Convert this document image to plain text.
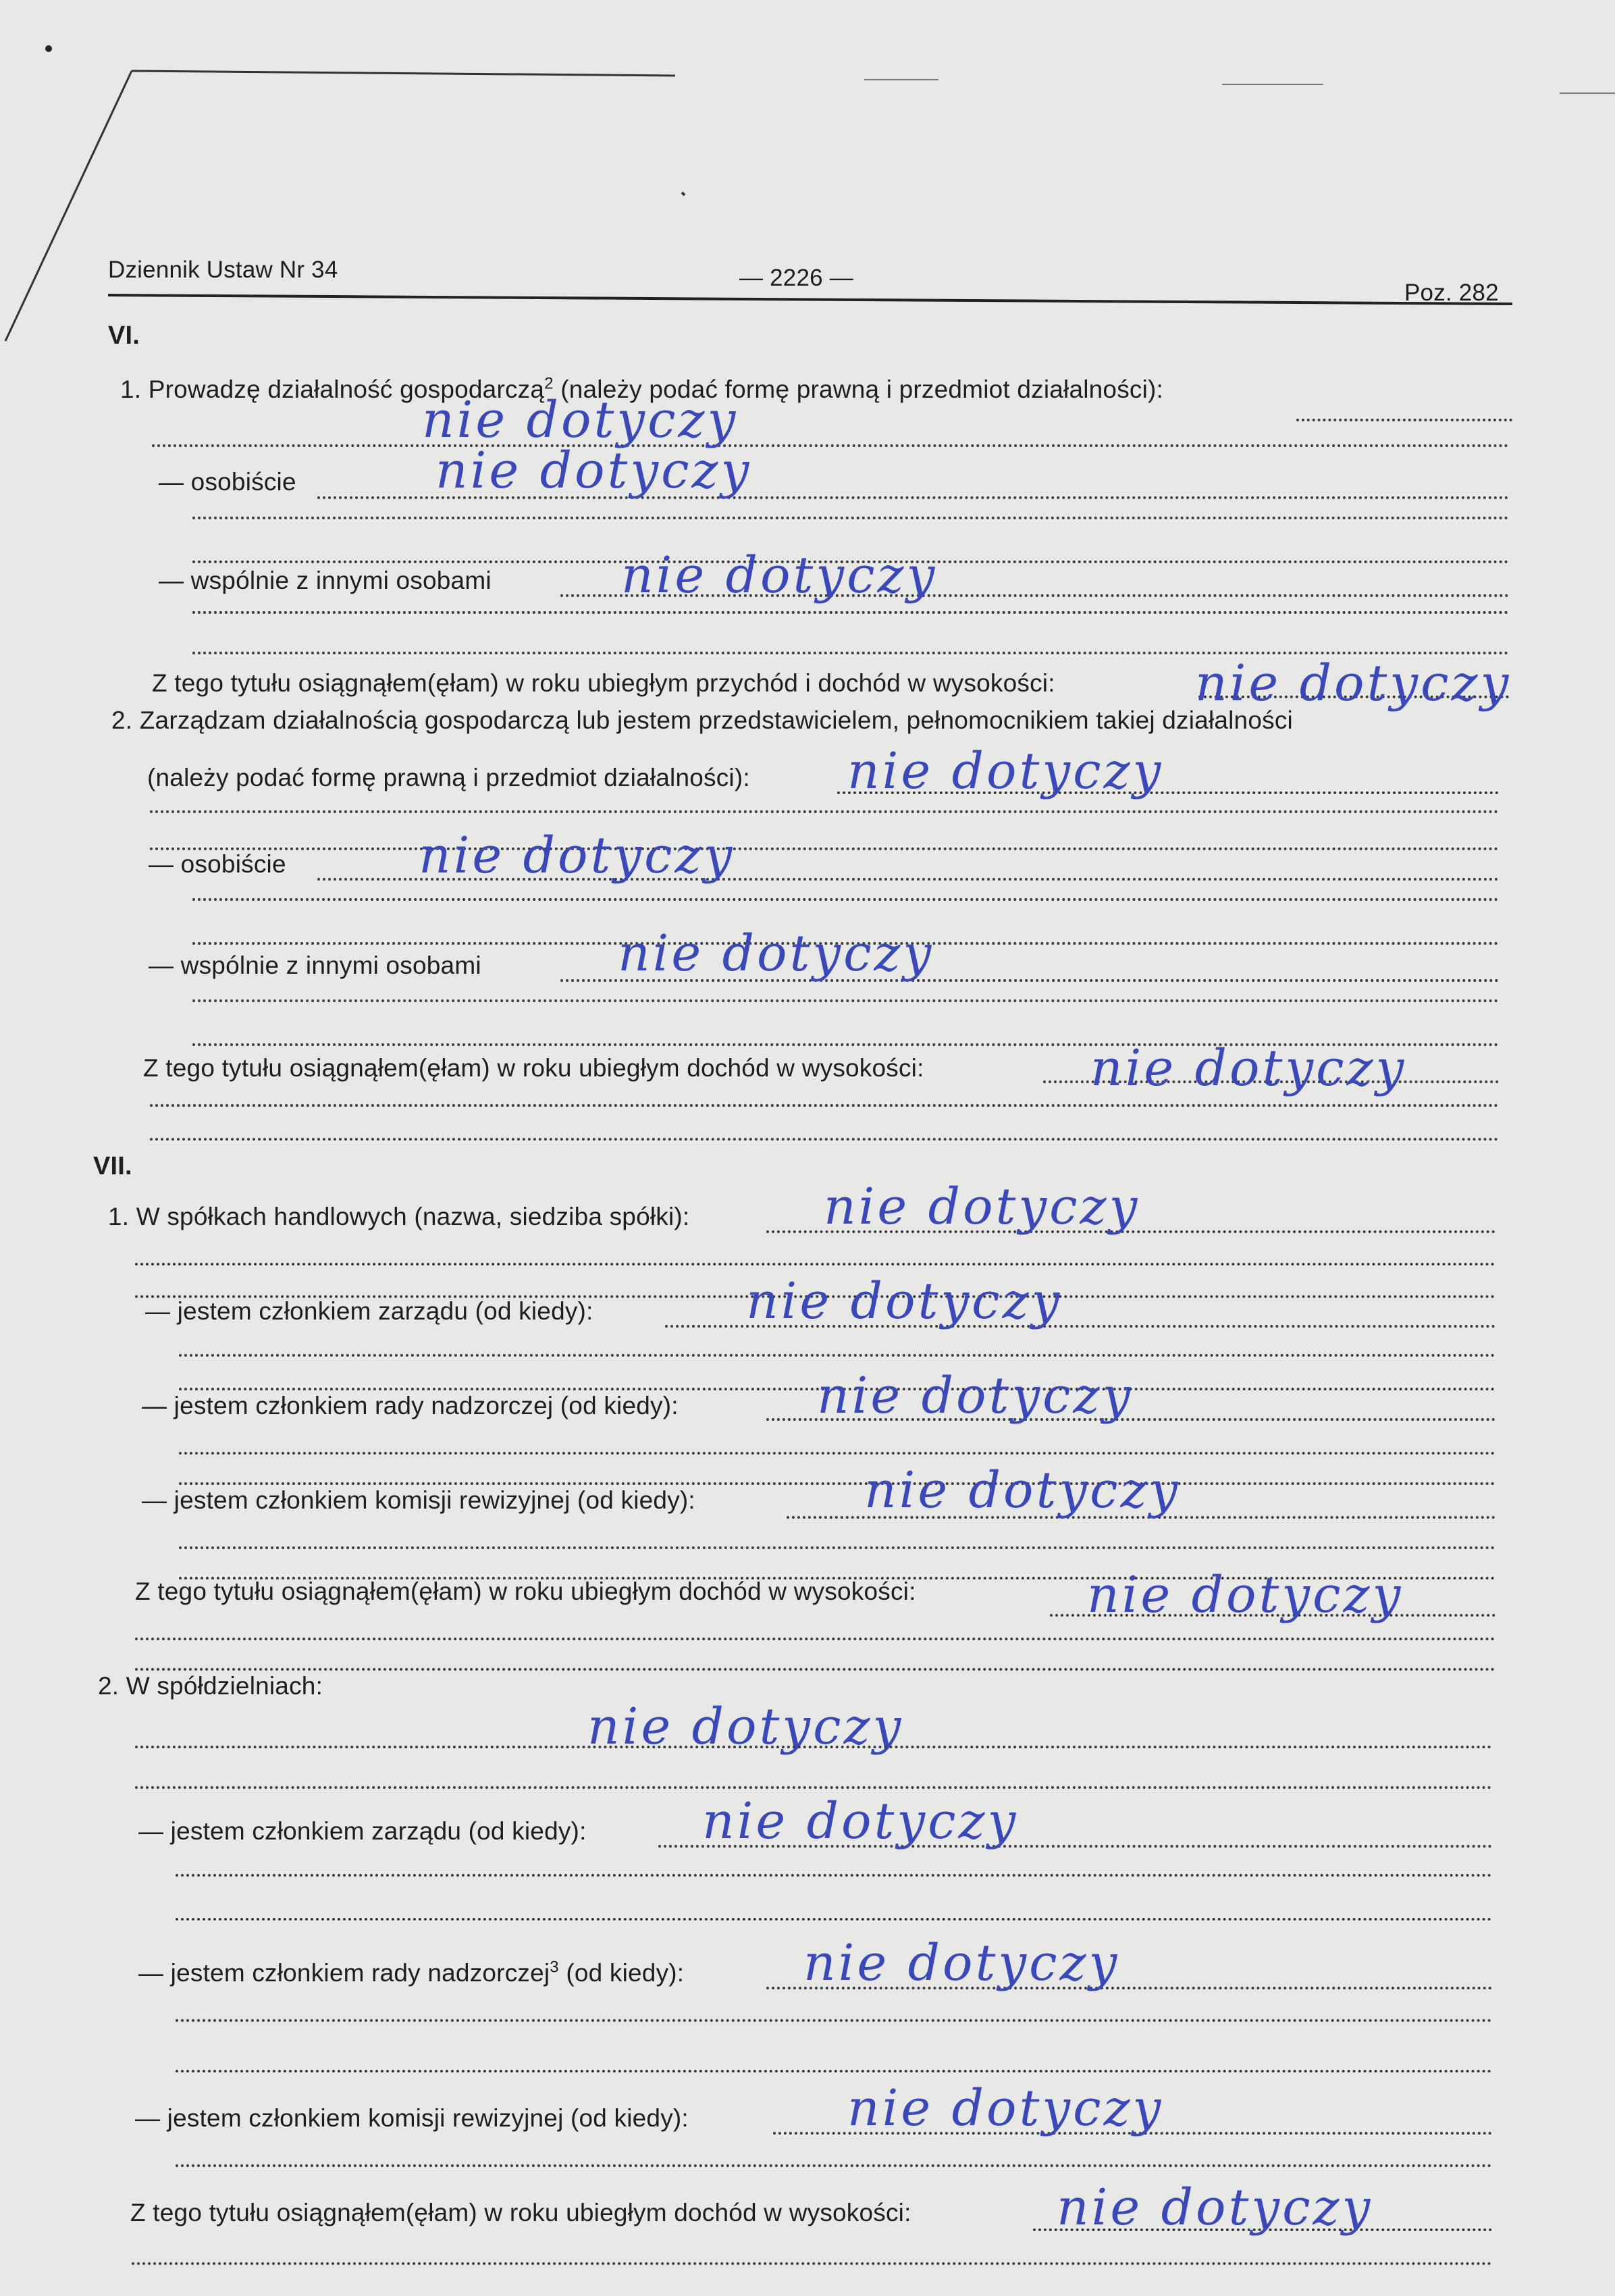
Dziennik Ustaw Nr 34	— 2226 —
Poz. 282
VI.
1. Prowadzę działalność gospodarczą$^2$ (należy podać formę prawną i przedmiot działalności):
nie dotyczy
— osobiście	nie dotyczy
— wspólnie z innymi osobami	nie dotyczy
Z tego tytułu osiągnąłem(ęłam) w roku ubiegłym przychód i dochód w wysokości:	nie dotyczy
2. Zarządzam działalnością gospodarczą lub jestem przedstawicielem, pełnomocnikiem takiej działalności
(należy podać formę prawną i przedmiot działalności): nie dotyczy
— osobiście	nie dotyczy
— wspólnie z innymi osobami	nie dotyczy
Z tego tytułu osiągnąłem(ęłam) w roku ubiegłym dochód w wysokości:	nie dotyczy
VII.
1. W spółkach handlowych (nazwa, siedziba spółki):	nie dotyczy
— jestem członkiem zarządu (od kiedy):	nie dotyczy
— jestem członkiem rady nadzorczej (od kiedy):	nie dotyczy
— jestem członkiem komisji rewizyjnej (od kiedy):	nie dotyczy
Z tego tytułu osiągnąłem(ęłam) w roku ubiegłym dochód w wysokości:	nie dotyczy
2. W spółdzielniach:
nie dotyczy
— jestem członkiem zarządu (od kiedy): nie dotyczy
— jestem członkiem rady nadzorczej$^3$ (od kiedy): nie dotyczy
— jestem członkiem komisji rewizyjnej (od kiedy):	nie dotyczy
Z tego tytułu osiągnąłem(ęłam) w roku ubiegłym dochód w wysokości:	nie dotyczy
